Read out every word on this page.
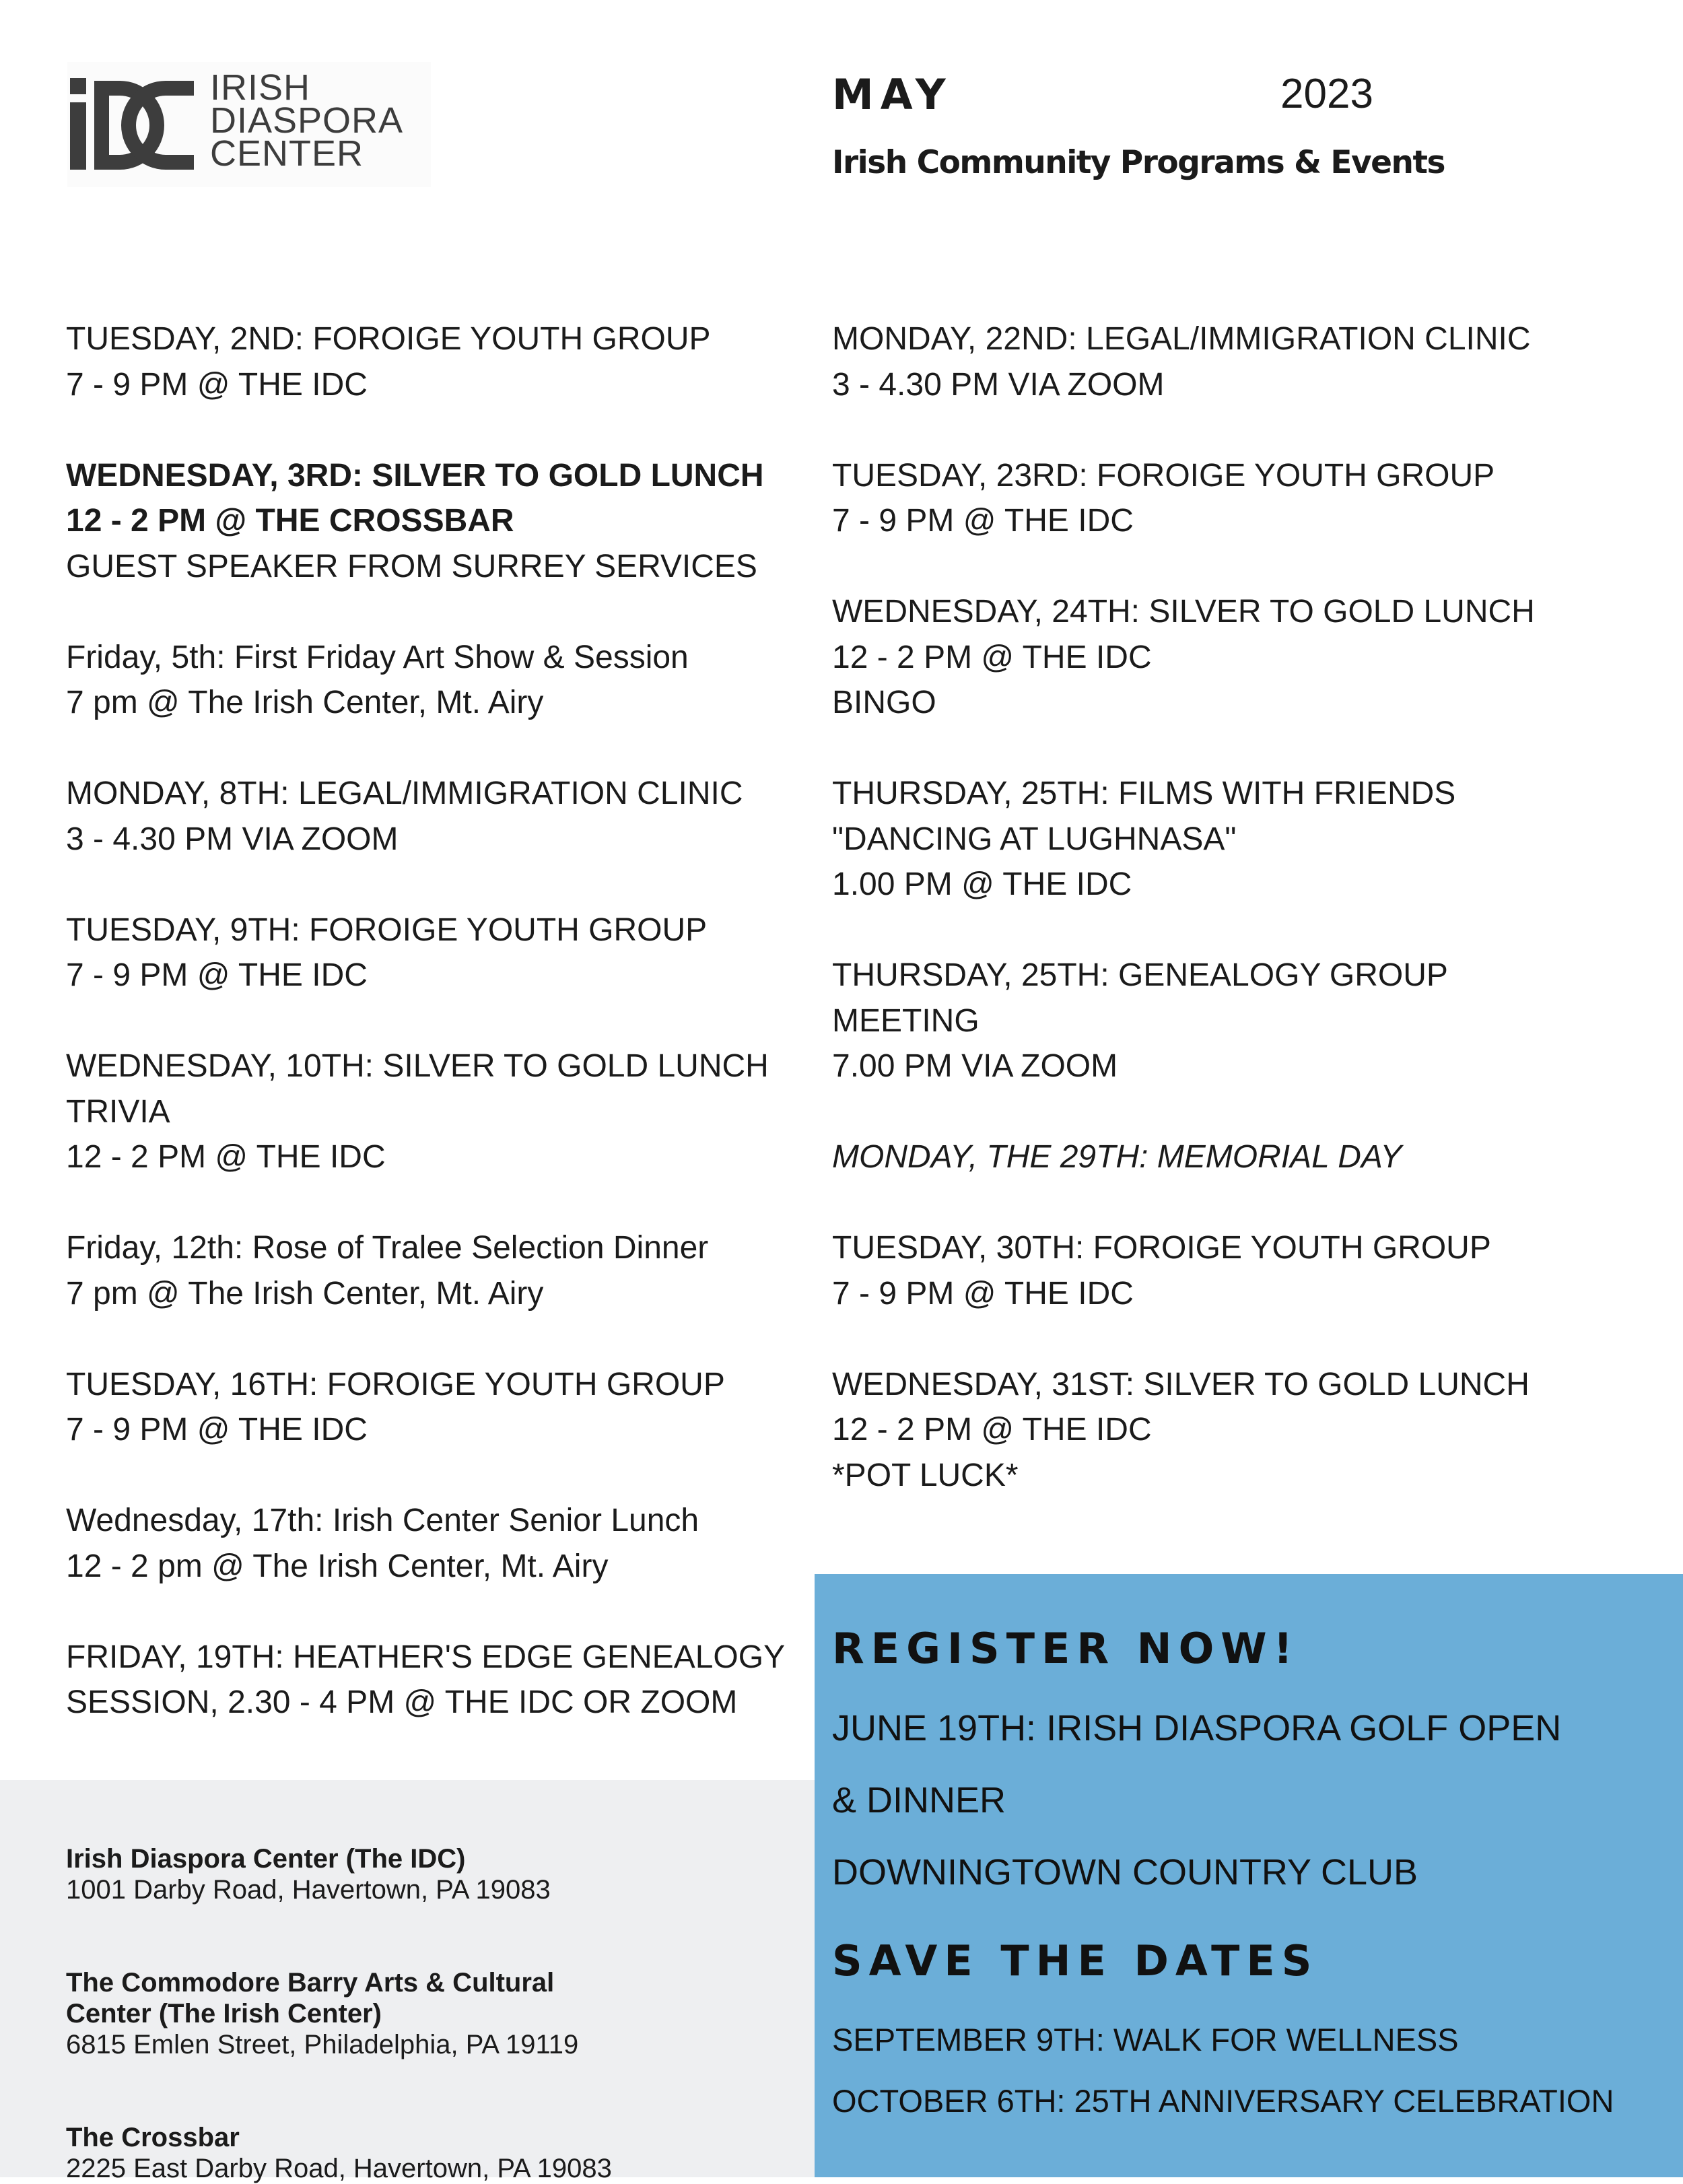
IRISH
DIASPORA
CENTER
MAY	2023
Irish Community Programs & Events
TUESDAY, 2ND: FOROIGE YOUTH GROUP
7 - 9 PM @ THE IDC
WEDNESDAY, 3RD: SILVER TO GOLD LUNCH
12 - 2 PM @ THE CROSSBAR
GUEST SPEAKER FROM SURREY SERVICES
Friday, 5th: First Friday Art Show & Session
7 pm @ The Irish Center, Mt. Airy
MONDAY, 8TH: LEGAL/IMMIGRATION CLINIC
3 - 4.30 PM VIA ZOOM
TUESDAY, 9TH: FOROIGE YOUTH GROUP
7 - 9 PM @ THE IDC
WEDNESDAY, 10TH: SILVER TO GOLD LUNCH
TRIVIA
12 - 2 PM @ THE IDC
Friday, 12th: Rose of Tralee Selection Dinner
7 pm @ The Irish Center, Mt. Airy
TUESDAY, 16TH: FOROIGE YOUTH GROUP
7 - 9 PM @ THE IDC
Wednesday, 17th: Irish Center Senior Lunch
12 - 2 pm @ The Irish Center, Mt. Airy
FRIDAY, 19TH: HEATHER'S EDGE GENEALOGY
SESSION, 2.30 - 4 PM @ THE IDC OR ZOOM
MONDAY, 22ND: LEGAL/IMMIGRATION CLINIC
3 - 4.30 PM VIA ZOOM
TUESDAY, 23RD: FOROIGE YOUTH GROUP
7 - 9 PM @ THE IDC
WEDNESDAY, 24TH: SILVER TO GOLD LUNCH
12 - 2 PM @ THE IDC
BINGO
THURSDAY, 25TH: FILMS WITH FRIENDS
"DANCING AT LUGHNASA"
1.00 PM @ THE IDC
THURSDAY, 25TH: GENEALOGY GROUP
MEETING
7.00 PM VIA ZOOM
MONDAY, THE 29TH: MEMORIAL DAY
TUESDAY, 30TH: FOROIGE YOUTH GROUP
7 - 9 PM @ THE IDC
WEDNESDAY, 31ST: SILVER TO GOLD LUNCH
12 - 2 PM @ THE IDC
*POT LUCK*
Irish Diaspora Center (The IDC)
1001 Darby Road, Havertown, PA 19083
The Commodore Barry Arts & Cultural
Center (The Irish Center)
6815 Emlen Street, Philadelphia, PA 19119
The Crossbar
2225 East Darby Road, Havertown, PA 19083
REGISTER NOW!
JUNE 19TH: IRISH DIASPORA GOLF OPEN
& DINNER
DOWNINGTOWN COUNTRY CLUB
SAVE THE DATES
SEPTEMBER 9TH: WALK FOR WELLNESS
OCTOBER 6TH: 25TH ANNIVERSARY CELEBRATION
